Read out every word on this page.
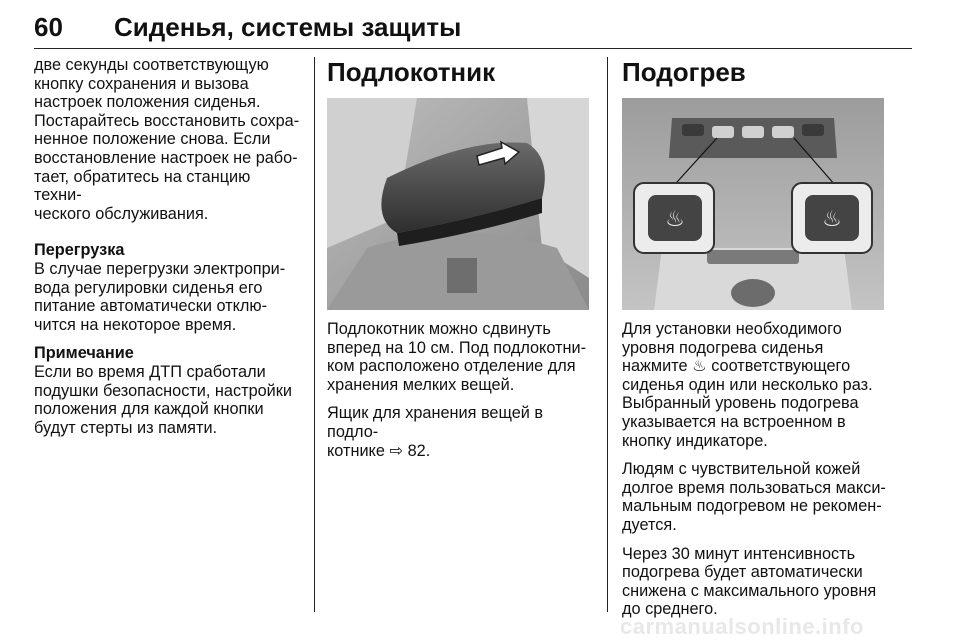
60 Сиденья, системы защиты

две секунды соответствующую
кнопку сохранения и вызова
настроек положения сиденья.
Постарайтесь восстановить сохра-
ненное положение снова. Если
восстановление настроек не рабо-
тает, обратитесь на станцию техни-
ческого обслуживания.

Перегрузка
В случае перегрузки электропри-
вода регулировки сиденья его
питание автоматически отклю-
чится на некоторое время.

Примечание
Если во время ДТП сработали
подушки безопасности, настройки
положения для каждой кнопки
будут стерты из памяти.

Подлокотник

Подлокотник можно сдвинуть
вперед на 10 см. Под подлокотни-
ком расположено отделение для
хранения мелких вещей.

Ящик для хранения вещей в подло-
котнике ⇨ 82.

Подогрев
♨	♨

Для установки необходимого
уровня подогрева сиденья
нажмите ♨ соответствующего
сиденья один или несколько раз.
Выбранный уровень подогрева
указывается на встроенном в
кнопку индикаторе.

Людям с чувствительной кожей
долгое время пользоваться макси-
мальным подогревом не рекомен-
дуется.

Через 30 минут интенсивность
подогрева будет автоматически
снижена с максимального уровня
до среднего.

carmanualsonline.info
